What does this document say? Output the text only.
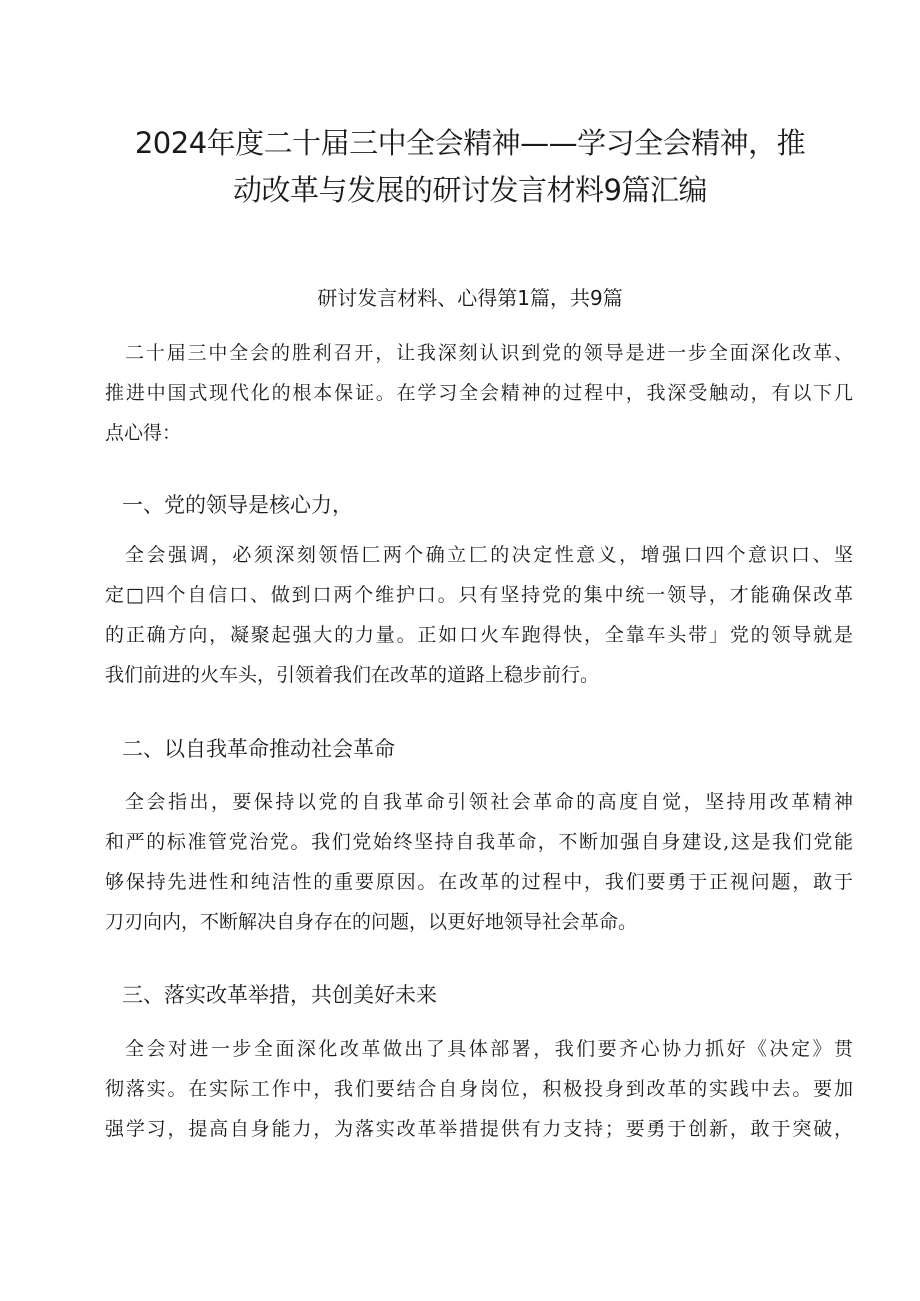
2024年度二十届三中全会精神——学习全会精神，推
动改革与发展的研讨发言材料9篇汇编
研讨发言材料、心得第1篇，共9篇
二十届三中全会的胜利召开，让我深刻认识到党的领导是进一步全面深化改革、
推进中国式现代化的根本保证。在学习全会精神的过程中，我深受触动，有以下几
点心得：
一、党的领导是核心力，
全会强调，必须深刻领悟匚两个确立匚的决定性意义，增强口四个意识口、坚
定□四个自信口、做到口两个维护口。只有坚持党的集中统一领导，才能确保改革
的正确方向，凝聚起强大的力量。正如口火车跑得快，全靠车头带」党的领导就是
我们前进的火车头，引领着我们在改革的道路上稳步前行。
二、以自我革命推动社会革命
全会指出，要保持以党的自我革命引领社会革命的高度自觉，坚持用改革精神
和严的标准管党治党。我们党始终坚持自我革命，不断加强自身建设,这是我们党能
够保持先进性和纯洁性的重要原因。在改革的过程中，我们要勇于正视问题，敢于
刀刃向内，不断解决自身存在的问题，以更好地领导社会革命。
三、落实改革举措，共创美好未来
全会对进一步全面深化改革做出了具体部署，我们要齐心协力抓好《决定》贯
彻落实。在实际工作中，我们要结合自身岗位，积极投身到改革的实践中去。要加
强学习，提高自身能力，为落实改革举措提供有力支持；要勇于创新，敢于突破，
